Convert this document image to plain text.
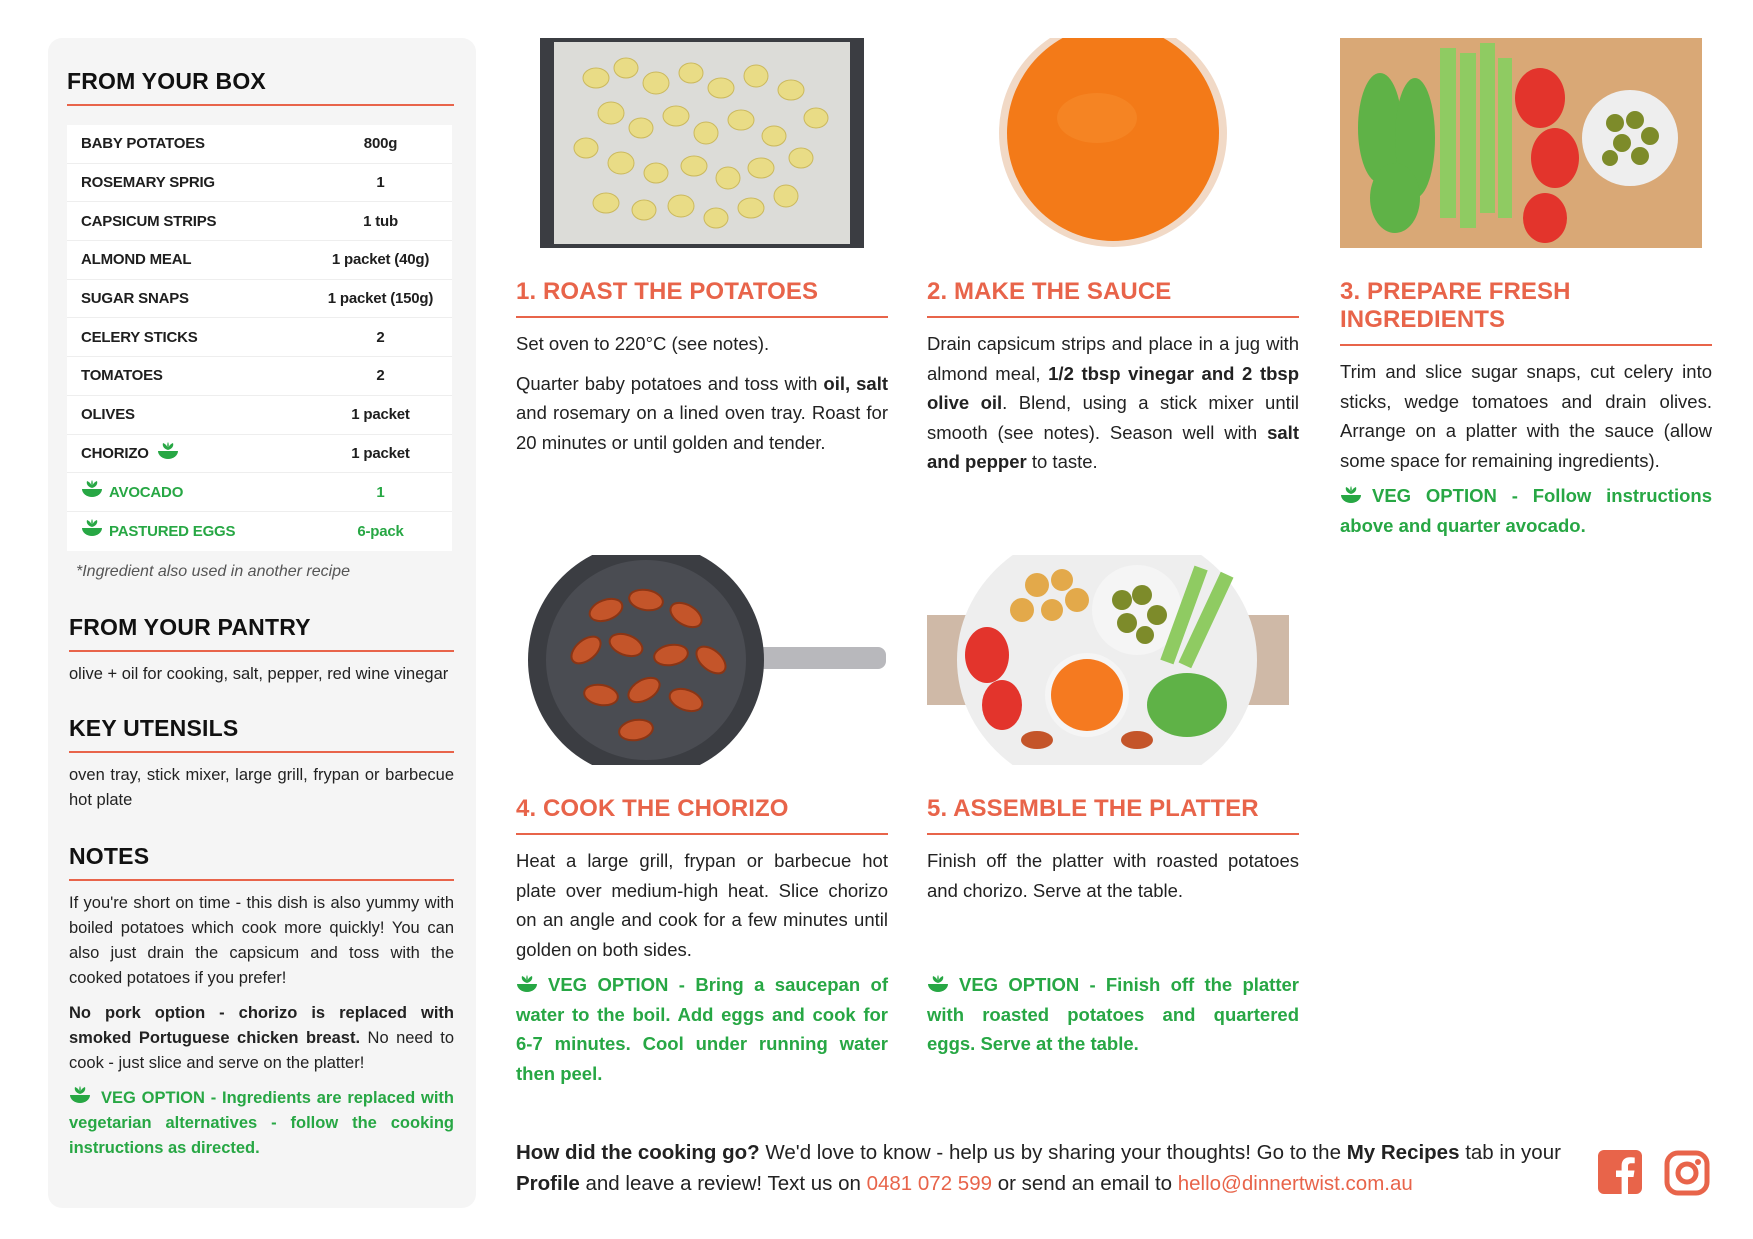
FROM YOUR BOX
BABY POTATOES	800g
ROSEMARY SPRIG	1
CAPSICUM STRIPS	1 tub
ALMOND MEAL	1 packet (40g)
SUGAR SNAPS	1 packet (150g)
CELERY STICKS	2
TOMATOES	2
OLIVES	1 packet
CHORIZO	1 packet
AVOCADO	1
PASTURED EGGS	6-pack
*Ingredient also used in another recipe
FROM YOUR PANTRY
olive + oil for cooking, salt, pepper, red wine vinegar
KEY UTENSILS
oven tray, stick mixer, large grill, frypan or barbecue hot plate
NOTES
If you're short on time - this dish is also yummy with boiled potatoes which cook more quickly! You can also just drain the capsicum and toss with the cooked potatoes if you prefer!
No pork option - chorizo is replaced with smoked Portuguese chicken breast. No need to cook - just slice and serve on the platter!
VEG OPTION - Ingredients are replaced with vegetarian alternatives - follow the cooking instructions as directed.
1. ROAST THE POTATOES
Set oven to 220°C (see notes).
Quarter baby potatoes and toss with oil, salt and rosemary on a lined oven tray. Roast for 20 minutes or until golden and tender.
2. MAKE THE SAUCE
Drain capsicum strips and place in a jug with almond meal, 1/2 tbsp vinegar and 2 tbsp olive oil. Blend, using a stick mixer until smooth (see notes). Season well with salt and pepper to taste.
3. PREPARE FRESH INGREDIENTS
Trim and slice sugar snaps, cut celery into sticks, wedge tomatoes and drain olives. Arrange on a platter with the sauce (allow some space for remaining ingredients).
VEG OPTION - Follow instructions above and quarter avocado.
4. COOK THE CHORIZO
Heat a large grill, frypan or barbecue hot plate over medium-high heat. Slice chorizo on an angle and cook for a few minutes until golden on both sides.
VEG OPTION - Bring a saucepan of water to the boil. Add eggs and cook for 6-7 minutes. Cool under running water then peel.
5. ASSEMBLE THE PLATTER
Finish off the platter with roasted potatoes and chorizo. Serve at the table.
VEG OPTION - Finish off the platter with roasted potatoes and quartered eggs. Serve at the table.
How did the cooking go? We'd love to know - help us by sharing your thoughts! Go to the My Recipes tab in your Profile and leave a review! Text us on 0481 072 599 or send an email to hello@dinnertwist.com.au
